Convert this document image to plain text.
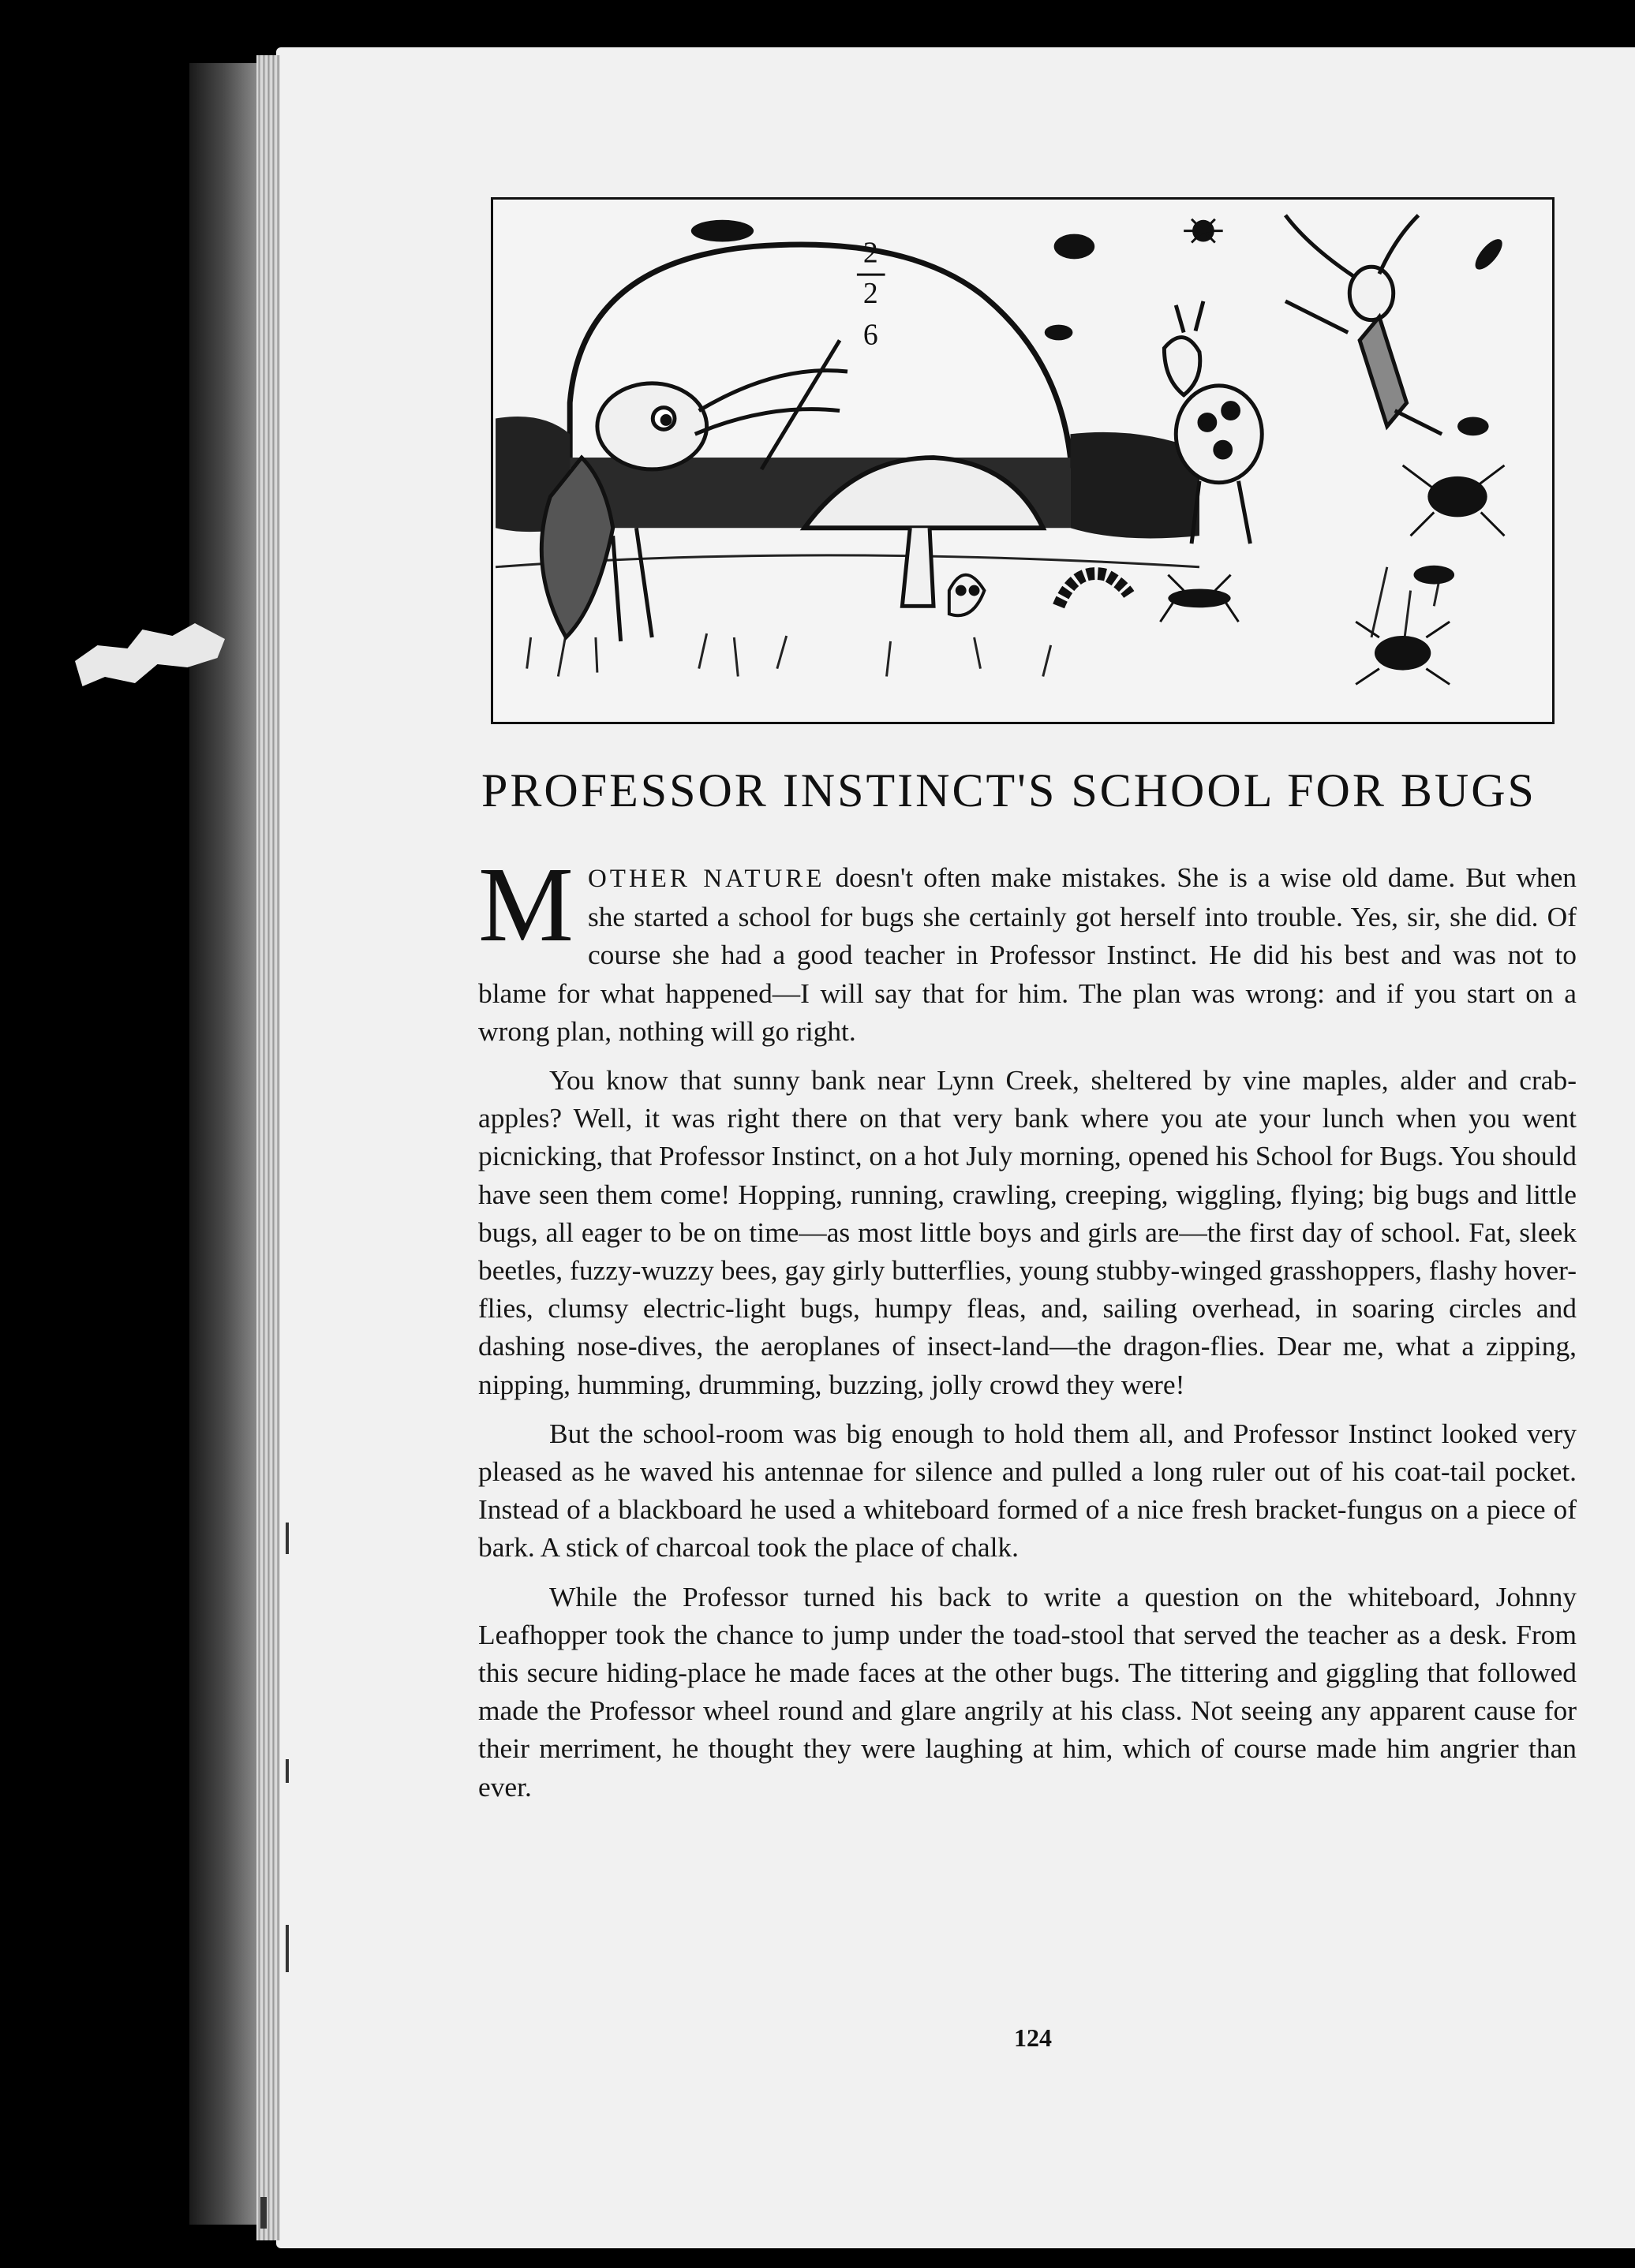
2
2
6
PROFESSOR INSTINCT'S SCHOOL FOR BUGS

MOTHER NATURE doesn't often make mistakes. She is a wise old dame. But when she started a school for bugs she certainly got herself into trouble. Yes, sir, she did. Of course she had a good teacher in Professor Instinct. He did his best and was not to blame for what happened—I will say that for him. The plan was wrong: and if you start on a wrong plan, nothing will go right.

You know that sunny bank near Lynn Creek, sheltered by vine maples, alder and crab-apples? Well, it was right there on that very bank where you ate your lunch when you went picnicking, that Professor Instinct, on a hot July morning, opened his School for Bugs. You should have seen them come! Hopping, running, crawling, creeping, wiggling, flying; big bugs and little bugs, all eager to be on time—as most little boys and girls are—the first day of school. Fat, sleek beetles, fuzzy-wuzzy bees, gay girly butterflies, young stubby-winged grasshoppers, flashy hover-flies, clumsy electric-light bugs, humpy fleas, and, sailing overhead, in soaring circles and dashing nose-dives, the aeroplanes of insect-land—the dragon-flies. Dear me, what a zipping, nipping, humming, drumming, buzzing, jolly crowd they were!

But the school-room was big enough to hold them all, and Professor Instinct looked very pleased as he waved his antennae for silence and pulled a long ruler out of his coat-tail pocket. Instead of a blackboard he used a whiteboard formed of a nice fresh bracket-fungus on a piece of bark. A stick of charcoal took the place of chalk.

While the Professor turned his back to write a question on the whiteboard, Johnny Leafhopper took the chance to jump under the toad-stool that served the teacher as a desk. From this secure hiding-place he made faces at the other bugs. The tittering and giggling that followed made the Professor wheel round and glare angrily at his class. Not seeing any apparent cause for their merriment, he thought they were laughing at him, which of course made him angrier than ever.

124
